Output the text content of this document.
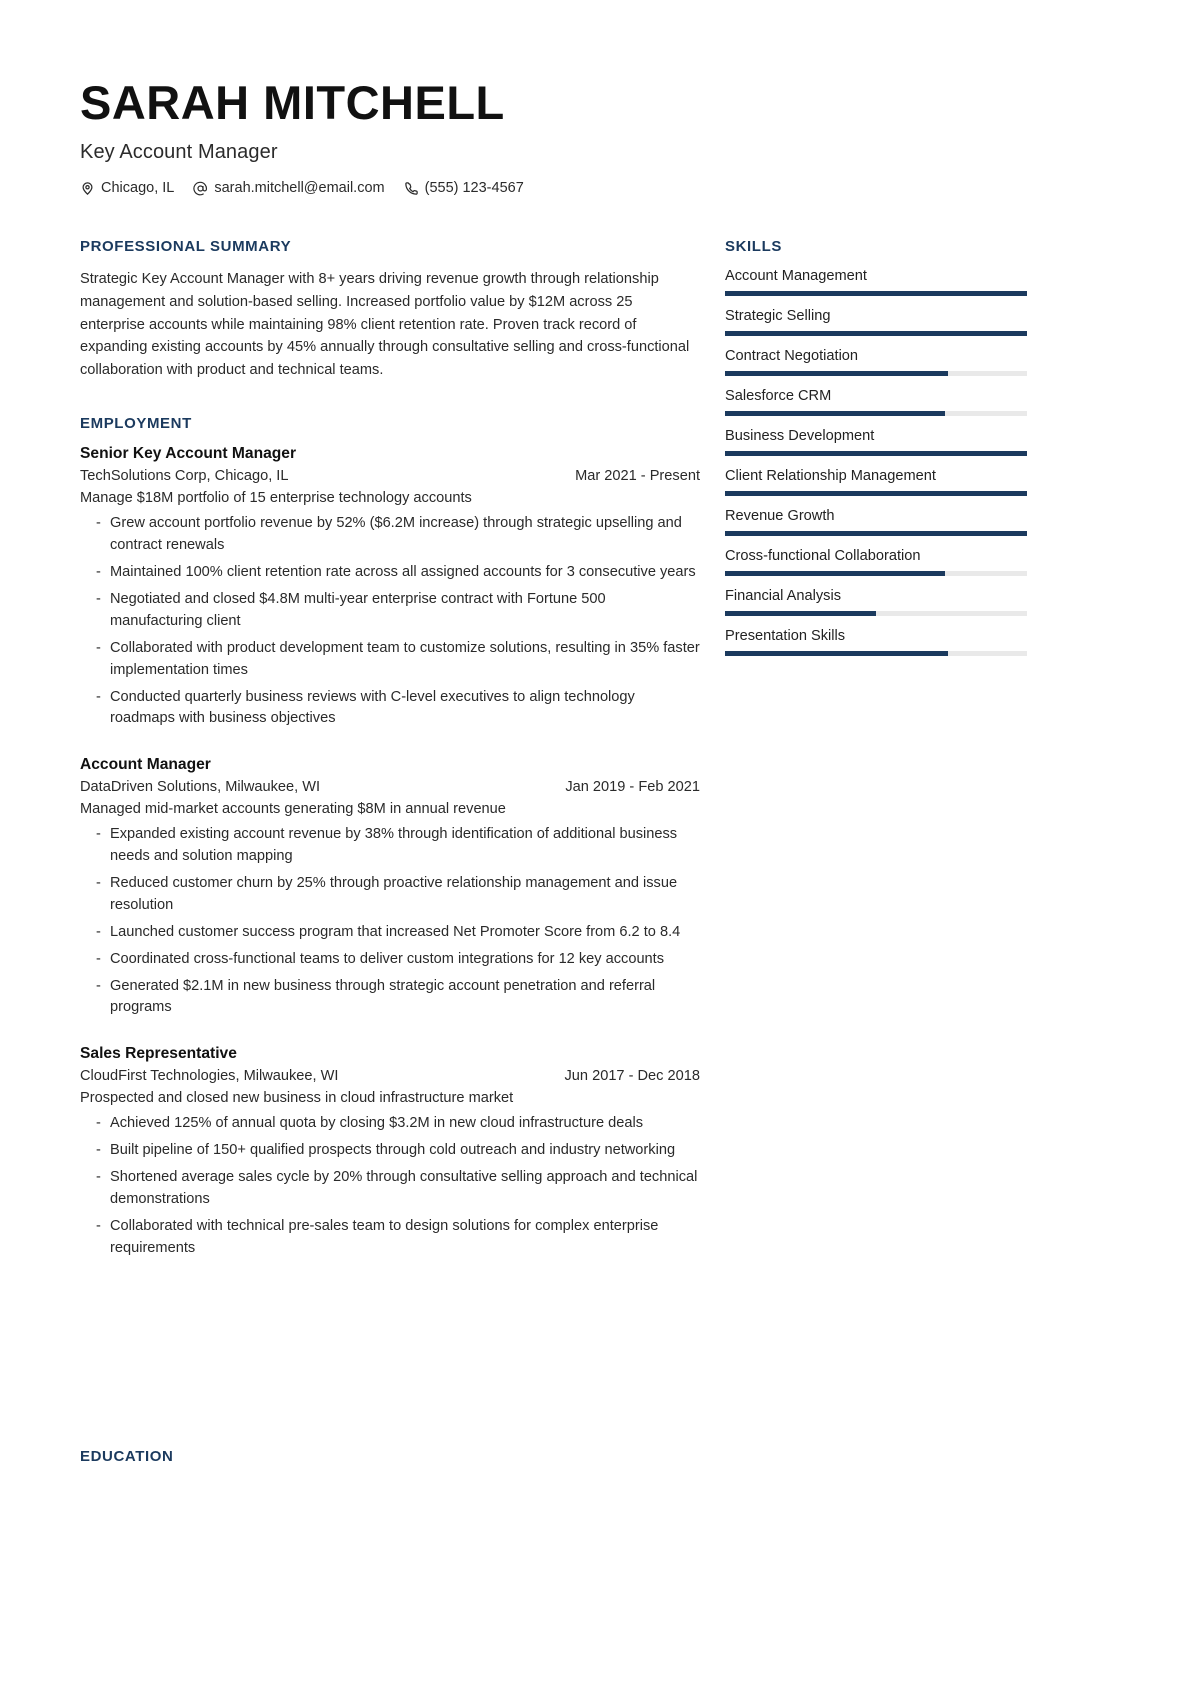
SARAH MITCHELL
Key Account Manager
Chicago, IL	sarah.mitchell@email.com	(555) 123-4567
PROFESSIONAL SUMMARY

Strategic Key Account Manager with 8+ years driving revenue growth through relationship management and solution-based selling. Increased portfolio value by $12M across 25 enterprise accounts while maintaining 98% client retention rate. Proven track record of expanding existing accounts by 45% annually through consultative selling and cross-functional collaboration with product and technical teams.

EMPLOYMENT
Senior Key Account Manager
TechSolutions Corp, Chicago, IL	Mar 2021 - Present
Manage $18M portfolio of 15 enterprise technology accounts
- Grew account portfolio revenue by 52% ($6.2M increase) through strategic upselling and contract renewals
- Maintained 100% client retention rate across all assigned accounts for 3 consecutive years
- Negotiated and closed $4.8M multi-year enterprise contract with Fortune 500 manufacturing client
- Collaborated with product development team to customize solutions, resulting in 35% faster implementation times
- Conducted quarterly business reviews with C-level executives to align technology roadmaps with business objectives
Account Manager
DataDriven Solutions, Milwaukee, WI	Jan 2019 - Feb 2021
Managed mid-market accounts generating $8M in annual revenue
- Expanded existing account revenue by 38% through identification of additional business needs and solution mapping
- Reduced customer churn by 25% through proactive relationship management and issue resolution
- Launched customer success program that increased Net Promoter Score from 6.2 to 8.4
- Coordinated cross-functional teams to deliver custom integrations for 12 key accounts
- Generated $2.1M in new business through strategic account penetration and referral programs
Sales Representative
CloudFirst Technologies, Milwaukee, WI	Jun 2017 - Dec 2018
Prospected and closed new business in cloud infrastructure market
- Achieved 125% of annual quota by closing $3.2M in new cloud infrastructure deals
- Built pipeline of 150+ qualified prospects through cold outreach and industry networking
- Shortened average sales cycle by 20% through consultative selling approach and technical demonstrations
- Collaborated with technical pre-sales team to design solutions for complex enterprise requirements
SKILLS
Account Management
Strategic Selling
Contract Negotiation
Salesforce CRM
Business Development
Client Relationship Management
Revenue Growth
Cross-functional Collaboration
Financial Analysis
Presentation Skills
EDUCATION
